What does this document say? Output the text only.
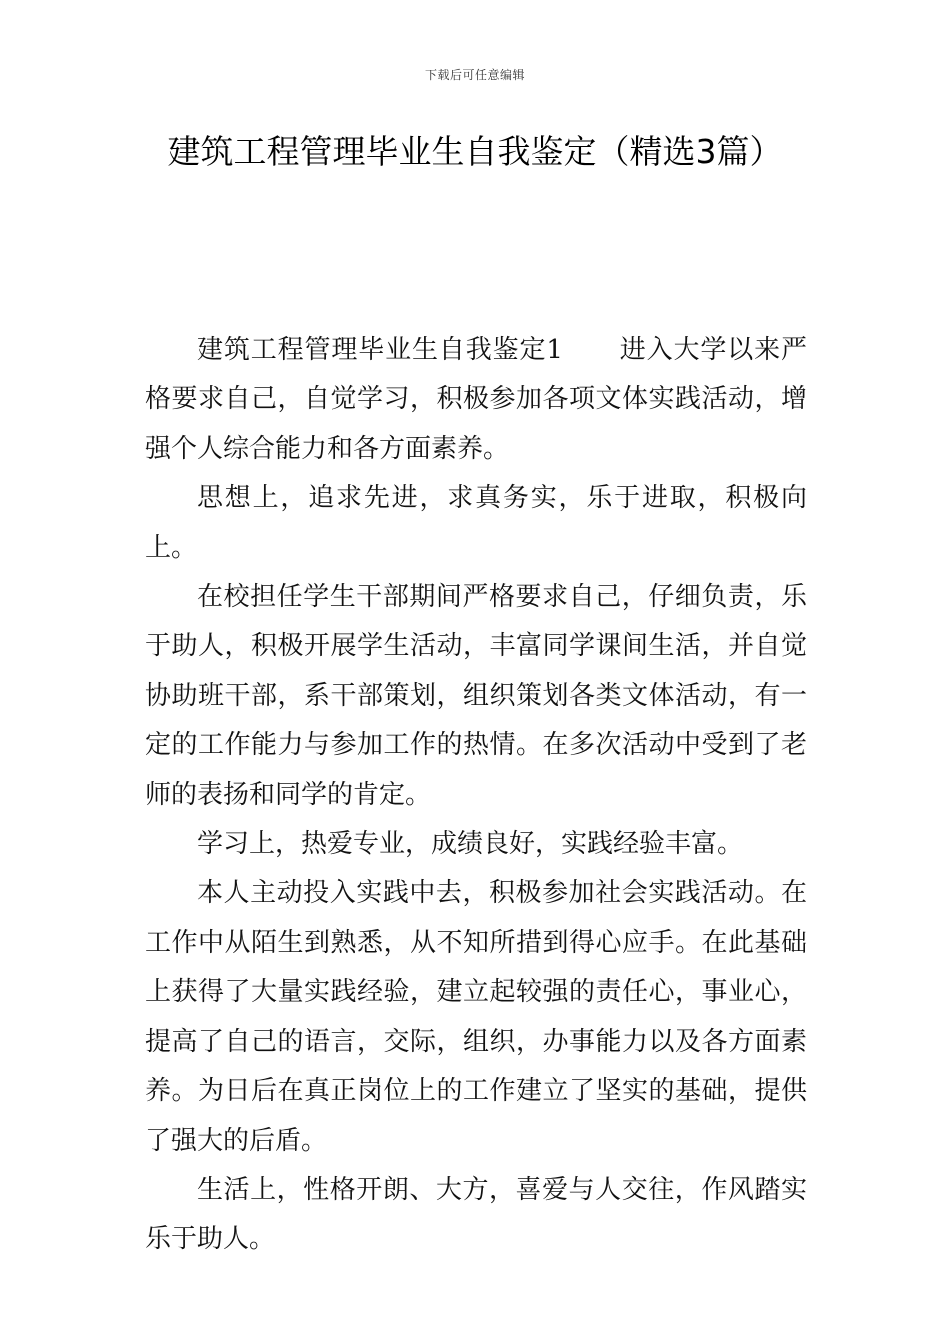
下载后可任意编辑
建筑工程管理毕业生自我鉴定（精选3篇）

建筑工程管理毕业生自我鉴定1 进入大学以来严格要求自己，自觉学习，积极参加各项文体实践活动，增强个人综合能力和各方面素养。

思想上，追求先进，求真务实，乐于进取，积极向上。

在校担任学生干部期间严格要求自己，仔细负责，乐于助人，积极开展学生活动，丰富同学课间生活，并自觉协助班干部，系干部策划，组织策划各类文体活动，有一定的工作能力与参加工作的热情。在多次活动中受到了老师的表扬和同学的肯定。

学习上，热爱专业，成绩良好，实践经验丰富。

本人主动投入实践中去，积极参加社会实践活动。在工作中从陌生到熟悉，从不知所措到得心应手。在此基础上获得了大量实践经验，建立起较强的责任心，事业心，提高了自己的语言，交际，组织，办事能力以及各方面素养。为日后在真正岗位上的工作建立了坚实的基础，提供了强大的后盾。

生活上，性格开朗、大方，喜爱与人交往，作风踏实乐于助人。
